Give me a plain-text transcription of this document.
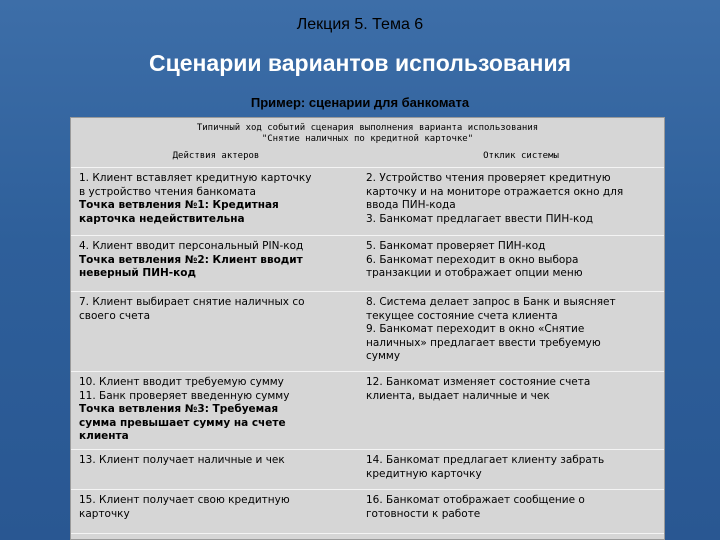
Лекция 5. Тема 6
Сценарии вариантов использования
Пример: сценарии для банкомата
Типичный ход событий сценария выполнения варианта использования
"Снятие наличных по кредитной карточке"
Действия актеров	Отклик системы
1. Клиент вставляет кредитную карточку
в устройство чтения банкомата
Точка ветвления №1: Кредитная
карточка недействительна
2. Устройство чтения проверяет кредитную
карточку и на мониторе отражается окно для
ввода ПИН-кода
3. Банкомат предлагает ввести ПИН-код
4. Клиент вводит персональный PIN-код
Точка ветвления №2: Клиент вводит
неверный ПИН-код
5. Банкомат проверяет ПИН-код
6. Банкомат переходит в окно выбора
транзакции и отображает опции меню
7. Клиент выбирает снятие наличных со
своего счета
8. Система делает запрос в Банк и выясняет
текущее состояние счета клиента
9. Банкомат переходит в окно «Снятие
наличных» предлагает ввести требуемую
сумму
10. Клиент вводит требуемую сумму
11. Банк проверяет введенную сумму
Точка ветвления №3: Требуемая
сумма превышает сумму на счете
клиента
12. Банкомат изменяет состояние счета
клиента, выдает наличные и чек
13. Клиент получает наличные и чек	14. Банкомат предлагает клиенту забрать
кредитную карточку
15. Клиент получает свою кредитную
карточку
16. Банкомат отображает сообщение о
готовности к работе
